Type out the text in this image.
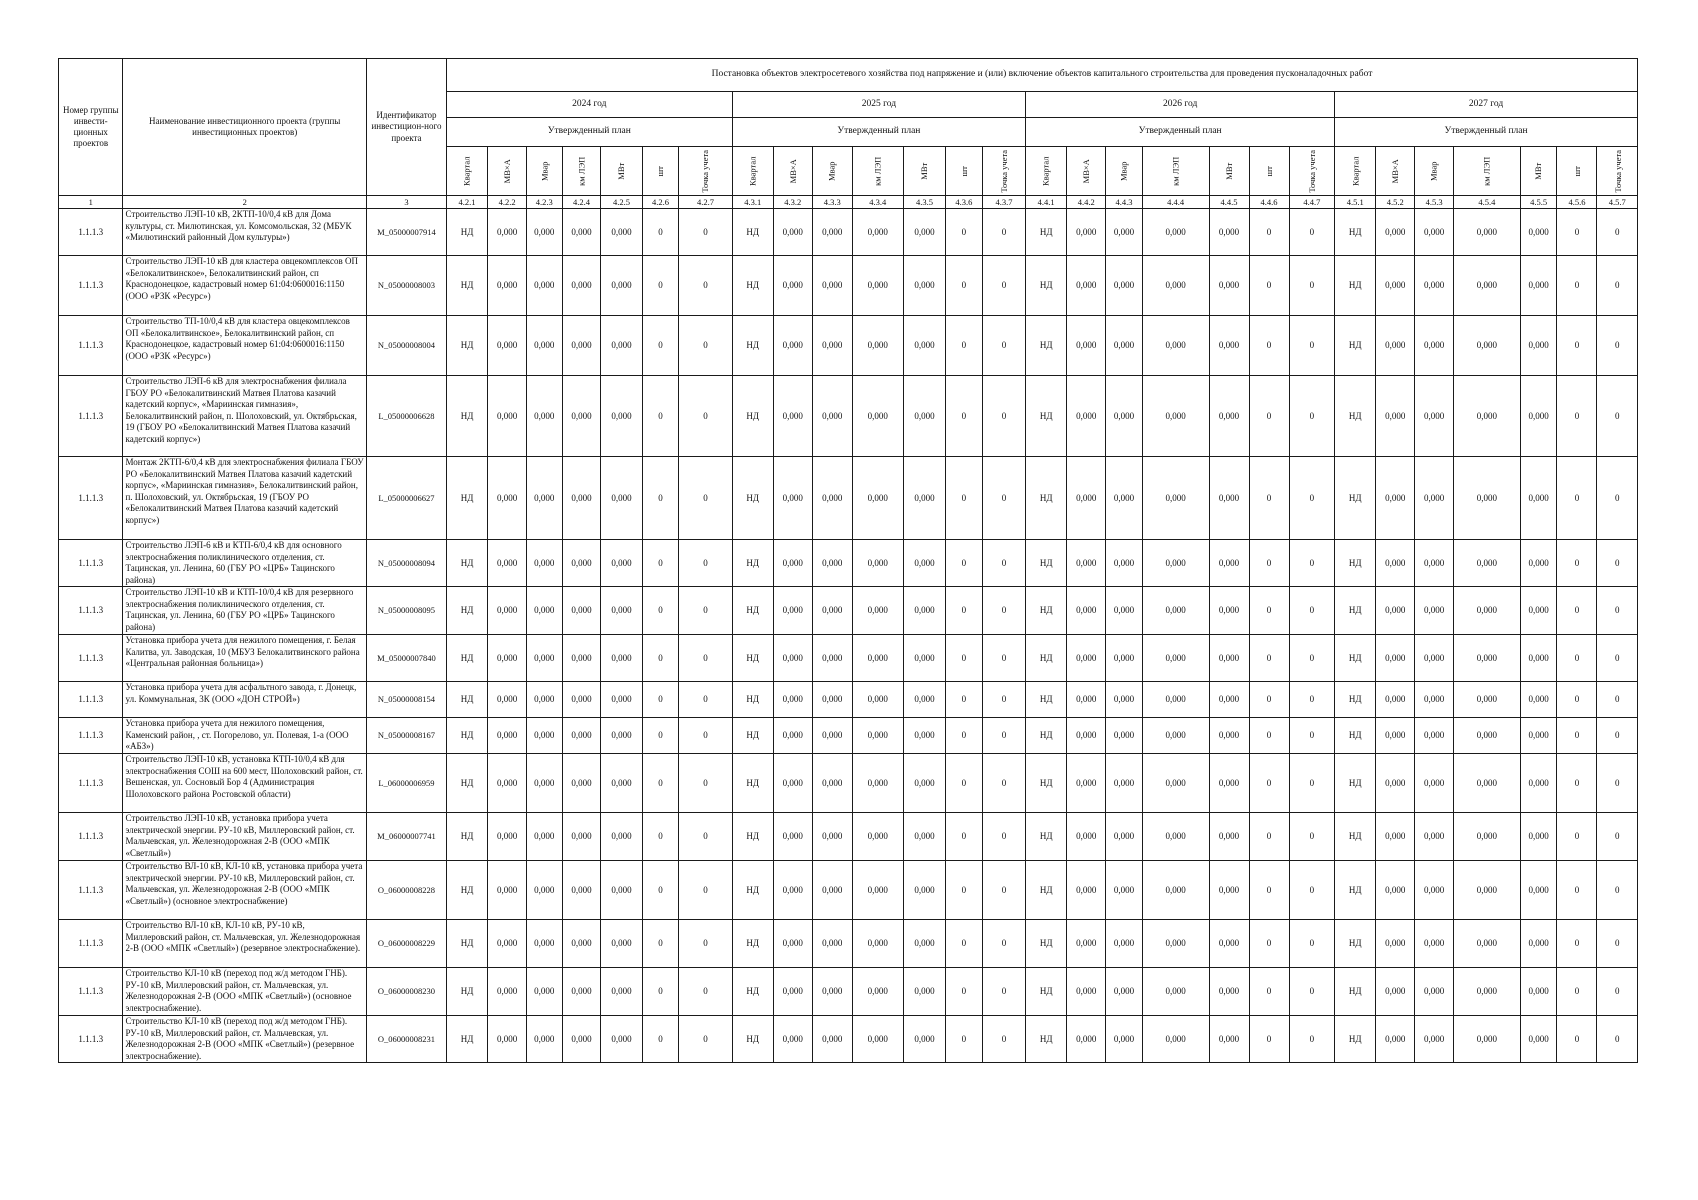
Номер группы инвести-ционных проектов	Наименование инвестиционного проекта (группы инвестиционных проектов)	Идентификатор инвестицион-ного проекта	Постановка объектов электросетевого хозяйства под напряжение и (или) включение объектов капитального строительства для проведения пусконаладочных работ																											
			2024 год							2025 год							2026 год							2027 год						
			Утвержденный план							Утвержденный план							Утвержденный план							Утвержденный план						
			Квартал	МВ×А	Мвар	км ЛЭП	МВт	шт	Точка учета	Квартал	МВ×А	Мвар	км ЛЭП	МВт	шт	Точка учета	Квартал	МВ×А	Мвар	км ЛЭП	МВт	шт	Точка учета	Квартал	МВ×А	Мвар	км ЛЭП	МВт	шт	Точка учета
1	2	3	4.2.1	4.2.2	4.2.3	4.2.4	4.2.5	4.2.6	4.2.7	4.3.1	4.3.2	4.3.3	4.3.4	4.3.5	4.3.6	4.3.7	4.4.1	4.4.2	4.4.3	4.4.4	4.4.5	4.4.6	4.4.7	4.5.1	4.5.2	4.5.3	4.5.4	4.5.5	4.5.6	4.5.7
1.1.1.3	Строительство ЛЭП-10 кВ, 2КТП-10/0,4 кВ для Дома культуры, ст. Милютинская, ул. Комсомольская, 32 (МБУК «Милютинский районный Дом культуры»)	M_05000007914	НД	0,000	0,000	0,000	0,000	0	0	НД	0,000	0,000	0,000	0,000	0	0	НД	0,000	0,000	0,000	0,000	0	0	НД	0,000	0,000	0,000	0,000	0	0
1.1.1.3	Строительство ЛЭП-10 кВ для кластера овцекомплексов ОП «Белокалитвинское», Белокалитвинский район, сп Краснодонецкое, кадастровый номер 61:04:0600016:1150 (ООО «РЗК «Ресурс»)	N_05000008003	НД	0,000	0,000	0,000	0,000	0	0	НД	0,000	0,000	0,000	0,000	0	0	НД	0,000	0,000	0,000	0,000	0	0	НД	0,000	0,000	0,000	0,000	0	0
1.1.1.3	Строительство ТП-10/0,4 кВ для кластера овцекомплексов ОП «Белокалитвинское», Белокалитвинский район, сп Краснодонецкое, кадастровый номер 61:04:0600016:1150 (ООО «РЗК «Ресурс»)	N_05000008004	НД	0,000	0,000	0,000	0,000	0	0	НД	0,000	0,000	0,000	0,000	0	0	НД	0,000	0,000	0,000	0,000	0	0	НД	0,000	0,000	0,000	0,000	0	0
1.1.1.3	Строительство ЛЭП-6 кВ для электроснабжения филиала ГБОУ РО «Белокалитвинский Матвея Платова казачий кадетский корпус», «Мариинская гимназия», Белокалитвинский район, п. Шолоховский, ул. Октябрьская, 19 (ГБОУ РО «Белокалитвинский Матвея Платова казачий кадетский корпус»)	L_05000006628	НД	0,000	0,000	0,000	0,000	0	0	НД	0,000	0,000	0,000	0,000	0	0	НД	0,000	0,000	0,000	0,000	0	0	НД	0,000	0,000	0,000	0,000	0	0
1.1.1.3	Монтаж 2КТП-6/0,4 кВ для электроснабжения филиала ГБОУ РО «Белокалитвинский Матвея Платова казачий кадетский корпус», «Мариинская гимназия», Белокалитвинский район, п. Шолоховский, ул. Октябрьская, 19 (ГБОУ РО «Белокалитвинский Матвея Платова казачий кадетский корпус»)	L_05000006627	НД	0,000	0,000	0,000	0,000	0	0	НД	0,000	0,000	0,000	0,000	0	0	НД	0,000	0,000	0,000	0,000	0	0	НД	0,000	0,000	0,000	0,000	0	0
1.1.1.3	Строительство ЛЭП-6 кВ и КТП-6/0,4 кВ для основного электроснабжения поликлинического отделения, ст. Тацинская, ул. Ленина, 60 (ГБУ РО «ЦРБ» Тацинского района)	N_05000008094	НД	0,000	0,000	0,000	0,000	0	0	НД	0,000	0,000	0,000	0,000	0	0	НД	0,000	0,000	0,000	0,000	0	0	НД	0,000	0,000	0,000	0,000	0	0
1.1.1.3	Строительство ЛЭП-10 кВ и КТП-10/0,4 кВ для резервного электроснабжения поликлинического отделения, ст. Тацинская, ул. Ленина, 60 (ГБУ РО «ЦРБ» Тацинского района)	N_05000008095	НД	0,000	0,000	0,000	0,000	0	0	НД	0,000	0,000	0,000	0,000	0	0	НД	0,000	0,000	0,000	0,000	0	0	НД	0,000	0,000	0,000	0,000	0	0
1.1.1.3	Установка прибора учета для нежилого помещения, г. Белая Калитва, ул. Заводская, 10 (МБУЗ Белокалитвинского района «Центральная районная больница»)	M_05000007840	НД	0,000	0,000	0,000	0,000	0	0	НД	0,000	0,000	0,000	0,000	0	0	НД	0,000	0,000	0,000	0,000	0	0	НД	0,000	0,000	0,000	0,000	0	0
1.1.1.3	Установка прибора учета для асфальтного завода, г. Донецк, ул. Коммунальная, 3К (ООО «ДОН СТРОЙ»)	N_05000008154	НД	0,000	0,000	0,000	0,000	0	0	НД	0,000	0,000	0,000	0,000	0	0	НД	0,000	0,000	0,000	0,000	0	0	НД	0,000	0,000	0,000	0,000	0	0
1.1.1.3	Установка прибора учета для нежилого помещения, Каменский район, , ст. Погорелово, ул. Полевая, 1-а (ООО «АБЗ»)	N_05000008167	НД	0,000	0,000	0,000	0,000	0	0	НД	0,000	0,000	0,000	0,000	0	0	НД	0,000	0,000	0,000	0,000	0	0	НД	0,000	0,000	0,000	0,000	0	0
1.1.1.3	Строительство ЛЭП-10 кВ, установка КТП-10/0,4 кВ для электроснабжения СОШ на 600 мест, Шолоховский район, ст. Вешенская, ул. Сосновый Бор 4 (Администрация Шолоховского района Ростовской области)	L_06000006959	НД	0,000	0,000	0,000	0,000	0	0	НД	0,000	0,000	0,000	0,000	0	0	НД	0,000	0,000	0,000	0,000	0	0	НД	0,000	0,000	0,000	0,000	0	0
1.1.1.3	Строительство ЛЭП-10 кВ, установка прибора учета электрической энергии. РУ-10 кВ, Миллеровский район, ст. Мальчевская, ул. Железнодорожная 2-В (ООО «МПК «Светлый»)	M_06000007741	НД	0,000	0,000	0,000	0,000	0	0	НД	0,000	0,000	0,000	0,000	0	0	НД	0,000	0,000	0,000	0,000	0	0	НД	0,000	0,000	0,000	0,000	0	0
1.1.1.3	Строительство ВЛ-10 кВ, КЛ-10 кВ, установка прибора учета электрической энергии. РУ-10 кВ, Миллеровский район, ст. Мальчевская, ул. Железнодорожная 2-В (ООО «МПК «Светлый») (основное электроснабжение)	O_06000008228	НД	0,000	0,000	0,000	0,000	0	0	НД	0,000	0,000	0,000	0,000	0	0	НД	0,000	0,000	0,000	0,000	0	0	НД	0,000	0,000	0,000	0,000	0	0
1.1.1.3	Строительство ВЛ-10 кВ, КЛ-10 кВ, РУ-10 кВ, Миллеровский район, ст. Мальчевская, ул. Железнодорожная 2-В (ООО «МПК «Светлый») (резервное электроснабжение).	O_06000008229	НД	0,000	0,000	0,000	0,000	0	0	НД	0,000	0,000	0,000	0,000	0	0	НД	0,000	0,000	0,000	0,000	0	0	НД	0,000	0,000	0,000	0,000	0	0
1.1.1.3	Строительство КЛ-10 кВ (переход под ж/д методом ГНБ). РУ-10 кВ, Миллеровский район, ст. Мальчевская, ул. Железнодорожная 2-В (ООО «МПК «Светлый») (основное электроснабжение).	O_06000008230	НД	0,000	0,000	0,000	0,000	0	0	НД	0,000	0,000	0,000	0,000	0	0	НД	0,000	0,000	0,000	0,000	0	0	НД	0,000	0,000	0,000	0,000	0	0
1.1.1.3	Строительство КЛ-10 кВ (переход под ж/д методом ГНБ). РУ-10 кВ, Миллеровский район, ст. Мальчевская, ул. Железнодорожная 2-В (ООО «МПК «Светлый») (резервное электроснабжение).	O_06000008231	НД	0,000	0,000	0,000	0,000	0	0	НД	0,000	0,000	0,000	0,000	0	0	НД	0,000	0,000	0,000	0,000	0	0	НД	0,000	0,000	0,000	0,000	0	0
